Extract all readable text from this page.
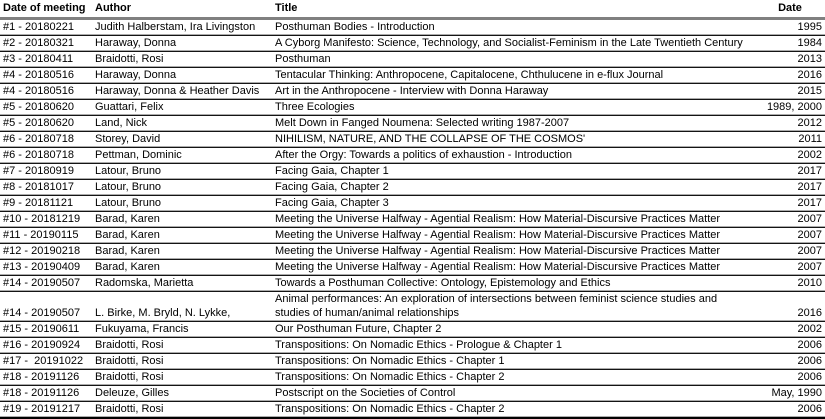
Date of meeting	Author	Title	Date
#1 - 20180221	Judith Halberstam, Ira Livingston	Posthuman Bodies - Introduction	1995
#2 - 20180321	Haraway, Donna	A Cyborg Manifesto: Science, Technology, and Socialist-Feminism in the Late Twentieth Century	1984
#3 - 20180411	Braidotti, Rosi	Posthuman	2013
#4 - 20180516	Haraway, Donna	Tentacular Thinking: Anthropocene, Capitalocene, Chthulucene in e-flux Journal	2016
#4 - 20180516	Haraway, Donna & Heather Davis	Art in the Anthropocene - Interview with Donna Haraway	2015
#5 - 20180620	Guattari, Felix	Three Ecologies	1989, 2000
#5 - 20180620	Land, Nick	Melt Down in Fanged Noumena: Selected writing 1987-2007	2012
#6 - 20180718	Storey, David	NIHILISM, NATURE, AND THE COLLAPSE OF THE COSMOS'	2011
#6 - 20180718	Pettman, Dominic	After the Orgy: Towards a politics of exhaustion - Introduction	2002
#7 - 20180919	Latour, Bruno	Facing Gaia, Chapter 1	2017
#8 - 20181017	Latour, Bruno	Facing Gaia, Chapter 2	2017
#9 - 20181121	Latour, Bruno	Facing Gaia, Chapter 3	2017
#10 - 20181219	Barad, Karen	Meeting the Universe Halfway - Agential Realism: How Material-Discursive Practices Matter	2007
#11 - 20190115	Barad, Karen	Meeting the Universe Halfway - Agential Realism: How Material-Discursive Practices Matter	2007
#12 - 20190218	Barad, Karen	Meeting the Universe Halfway - Agential Realism: How Material-Discursive Practices Matter	2007
#13 - 20190409	Barad, Karen	Meeting the Universe Halfway - Agential Realism: How Material-Discursive Practices Matter	2007
#14 - 20190507	Radomska, Marietta	Towards a Posthuman Collective: Ontology, Epistemology and Ethics	2010
#14 - 20190507	L. Birke, M. Bryld, N. Lykke,	Animal performances: An exploration of intersections between feminist science studies and studies of human/animal relationships	2016
#15 - 20190611	Fukuyama, Francis	Our Posthuman Future, Chapter 2	2002
#16 - 20190924	Braidotti, Rosi	Transpositions: On Nomadic Ethics - Prologue & Chapter 1	2006
#17 -  20191022	Braidotti, Rosi	Transpositions: On Nomadic Ethics - Chapter 1	2006
#18 - 20191126	Braidotti, Rosi	Transpositions: On Nomadic Ethics - Chapter 2	2006
#18 - 20191126	Deleuze, Gilles	Postscript on the Societies of Control	May, 1990
#19 - 20191217	Braidotti, Rosi	Transpositions: On Nomadic Ethics - Chapter 2	2006
